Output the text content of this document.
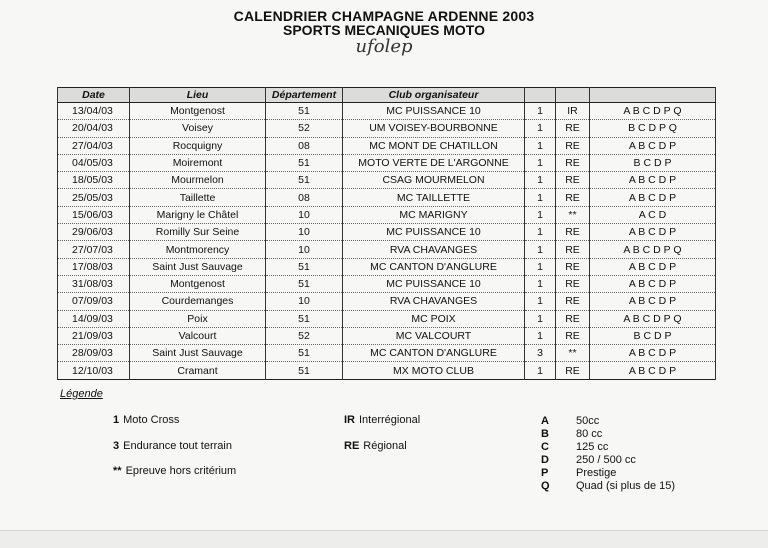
CALENDRIER CHAMPAGNE ARDENNE 2003
SPORTS MECANIQUES MOTO
ufolep
Date	Lieu	Département	Club organisateur			
13/04/03	Montgenost	51	MC PUISSANCE 10	1	IR	A B C D P Q
20/04/03	Voisey	52	UM VOISEY-BOURBONNE	1	RE	B C D P Q
27/04/03	Rocquigny	08	MC MONT DE CHATILLON	1	RE	A B C D P
04/05/03	Moiremont	51	MOTO VERTE DE L'ARGONNE	1	RE	B C D P
18/05/03	Mourmelon	51	CSAG MOURMELON	1	RE	A B C D P
25/05/03	Taillette	08	MC TAILLETTE	1	RE	A B C D P
15/06/03	Marigny le Châtel	10	MC MARIGNY	1	**	A C D
29/06/03	Romilly Sur Seine	10	MC PUISSANCE 10	1	RE	A B C D P
27/07/03	Montmorency	10	RVA CHAVANGES	1	RE	A B C D P Q
17/08/03	Saint Just Sauvage	51	MC CANTON D'ANGLURE	1	RE	A B C D P
31/08/03	Montgenost	51	MC PUISSANCE 10	1	RE	A B C D P
07/09/03	Courdemanges	10	RVA CHAVANGES	1	RE	A B C D P
14/09/03	Poix	51	MC POIX	1	RE	A B C D P Q
21/09/03	Valcourt	52	MC VALCOURT	1	RE	B C D P
28/09/03	Saint Just Sauvage	51	MC CANTON D'ANGLURE	3	**	A B C D P
12/10/03	Cramant	51	MX MOTO CLUB	1	RE	A B C D P
Légende
1 Moto Cross
3 Endurance tout terrain
** Epreuve hors critérium
IR Interrégional
RE Régional
A 50cc
B 80 cc
C 125 cc
D 250 / 500 cc
P	Prestige
Q Quad (si plus de 15)
